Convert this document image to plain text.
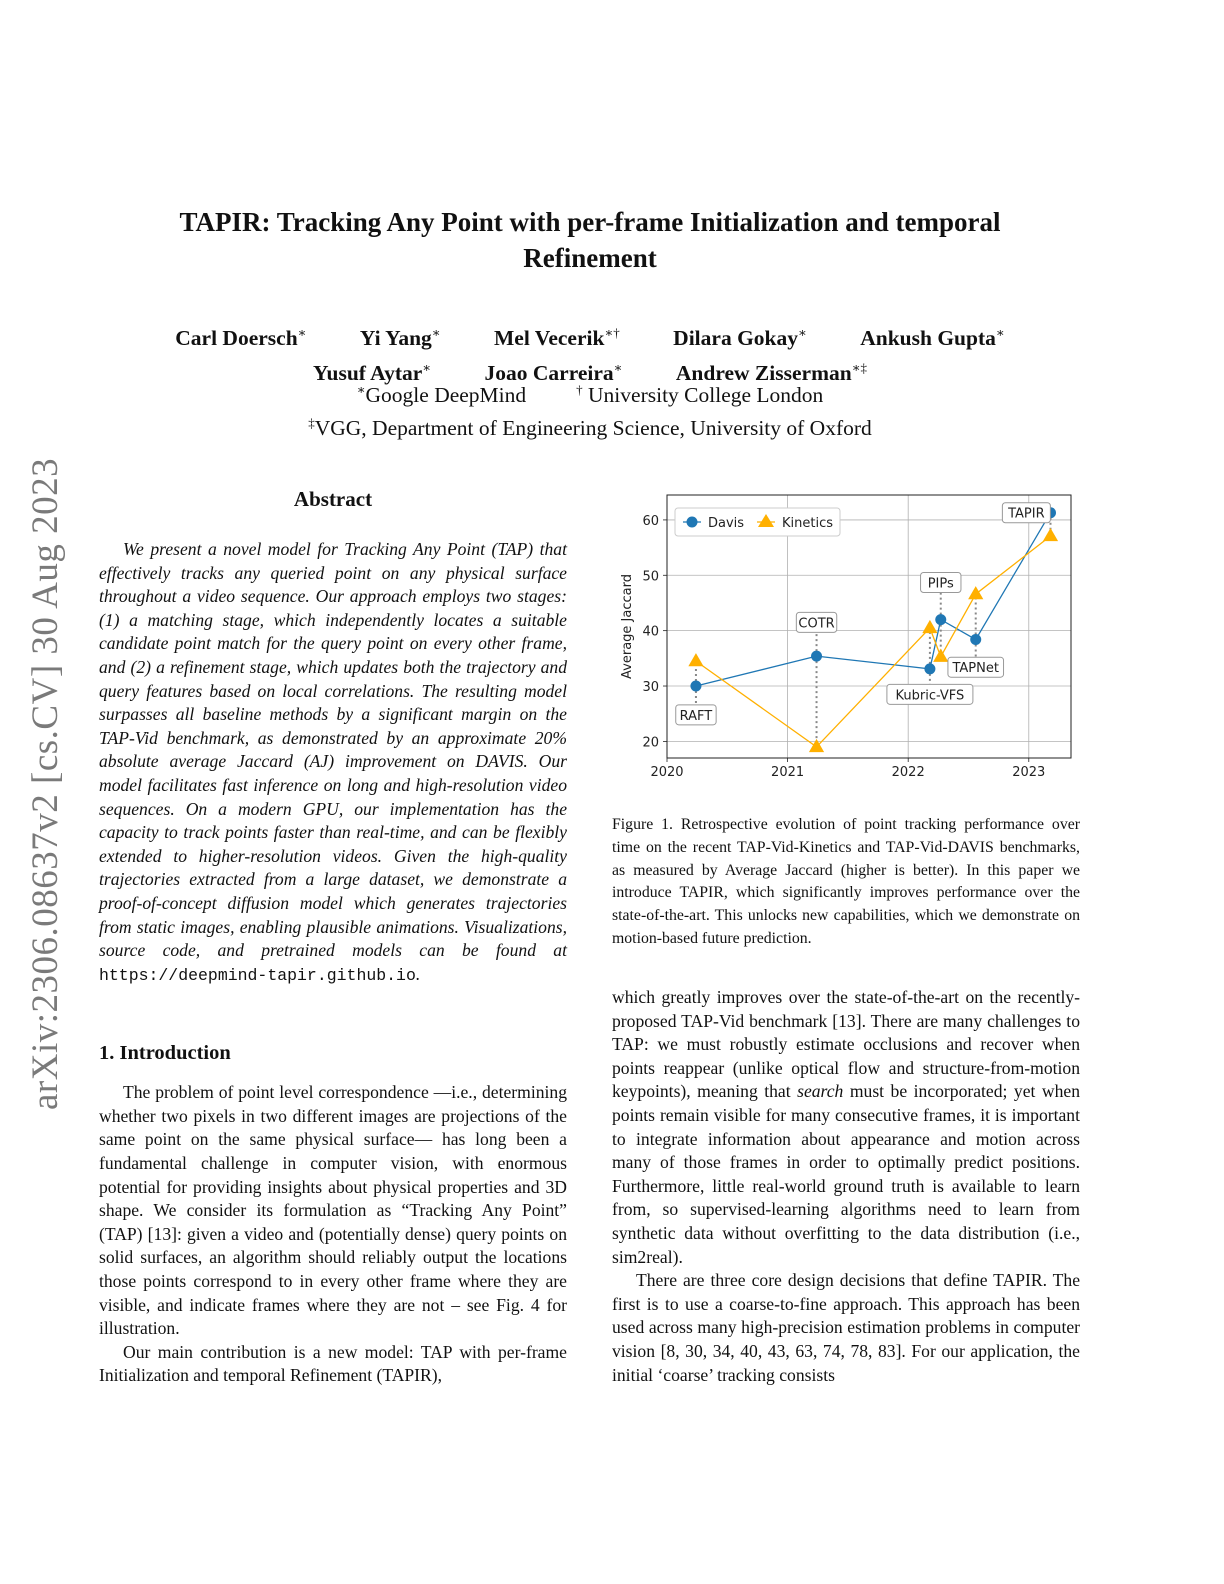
arXiv:2306.08637v2 [cs.CV] 30 Aug 2023
TAPIR: Tracking Any Point with per-frame Initialization and temporal
Refinement
Carl Doersch∗ Yi Yang∗ Mel Vecerik∗† Dilara Gokay∗ Ankush Gupta∗
Yusuf Aytar∗ Joao Carreira∗ Andrew Zisserman∗‡
∗Google DeepMind	† University College London
‡VGG, Department of Engineering Science, University of Oxford
Abstract
We present a novel model for Tracking Any Point (TAP) that effectively tracks any queried point on any physical surface throughout a video sequence. Our approach employs two stages: (1) a matching stage, which independently locates a suitable candidate point match for the query point on every other frame, and (2) a refinement stage, which updates both the trajectory and query features based on local correlations. The resulting model surpasses all baseline methods by a significant margin on the TAP-Vid benchmark, as demonstrated by an approximate 20% absolute average Jaccard (AJ) improvement on DAVIS. Our model facilitates fast inference on long and high-resolution video sequences. On a modern GPU, our implementation has the capacity to track points faster than real-time, and can be flexibly extended to higher-resolution videos. Given the high-quality trajectories extracted from a large dataset, we demonstrate a proof-of-concept diffusion model which generates trajectories from static images, enabling plausible animations. Visualizations, source code, and pretrained models can be found at https://deepmind-tapir.github.io.
1. Introduction

The problem of point level correspondence —i.e., determining whether two pixels in two different images are projections of the same point on the same physical surface— has long been a fundamental challenge in computer vision, with enormous potential for providing insights about physical properties and 3D shape. We consider its formulation as “Tracking Any Point” (TAP) [13]: given a video and (potentially dense) query points on solid surfaces, an algorithm should reliably output the locations those points correspond to in every other frame where they are visible, and indicate frames where they are not – see Fig. 4 for illustration.

Our main contribution is a new model: TAP with per-frame Initialization and temporal Refinement (TAPIR),

2020	2021	2022	2023
20
30
40
50
60
Average Jaccard
RAFT
COTR
Kubric-VFS
PIPs
TAPNet
TAPIR
Davis	Kinetics
Figure 1. Retrospective evolution of point tracking performance over time on the recent TAP-Vid-Kinetics and TAP-Vid-DAVIS benchmarks, as measured by Average Jaccard (higher is better). In this paper we introduce TAPIR, which significantly improves performance over the state-of-the-art. This unlocks new capabilities, which we demonstrate on motion-based future prediction.

which greatly improves over the state-of-the-art on the recently-proposed TAP-Vid benchmark [13]. There are many challenges to TAP: we must robustly estimate occlusions and recover when points reappear (unlike optical flow and structure-from-motion keypoints), meaning that search must be incorporated; yet when points remain visible for many consecutive frames, it is important to integrate information about appearance and motion across many of those frames in order to optimally predict positions. Furthermore, little real-world ground truth is available to learn from, so supervised-learning algorithms need to learn from synthetic data without overfitting to the data distribution (i.e., sim2real).

There are three core design decisions that define TAPIR. The first is to use a coarse-to-fine approach. This approach has been used across many high-precision estimation problems in computer vision [8, 30, 34, 40, 43, 63, 74, 78, 83]. For our application, the initial ‘coarse’ tracking consists
